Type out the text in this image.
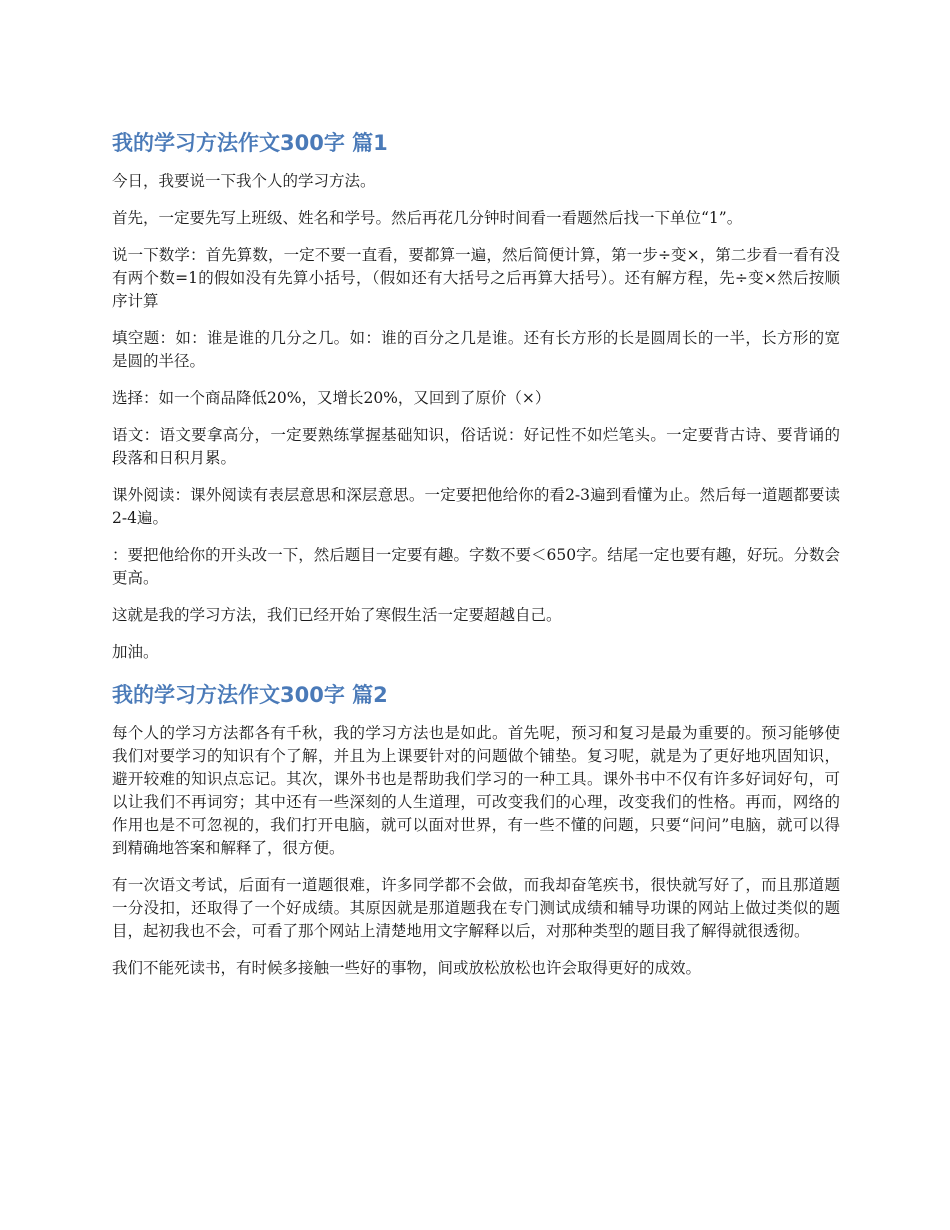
我的学习方法作文300字 篇1

今日，我要说一下我个人的学习方法。

首先，一定要先写上班级、姓名和学号。然后再花几分钟时间看一看题然后找一下单位“1”。

说一下数学：首先算数，一定不要一直看，要都算一遍，然后简便计算，第一步÷变×，第二步看一看有没有两个数=1的假如没有先算小括号，（假如还有大括号之后再算大括号）。还有解方程，先÷变×然后按顺序计算

填空题：如：谁是谁的几分之几。如：谁的百分之几是谁。还有长方形的长是圆周长的一半，长方形的宽是圆的半径。

选择：如一个商品降低20%，又增长20%，又回到了原价（×）

语文：语文要拿高分，一定要熟练掌握基础知识，俗话说：好记性不如烂笔头。一定要背古诗、要背诵的段落和日积月累。

课外阅读：课外阅读有表层意思和深层意思。一定要把他给你的看2-3遍到看懂为止。然后每一道题都要读2-4遍。

：要把他给你的开头改一下，然后题目一定要有趣。字数不要＜650字。结尾一定也要有趣，好玩。分数会更高。

这就是我的学习方法，我们已经开始了寒假生活一定要超越自己。

加油。

我的学习方法作文300字 篇2

每个人的学习方法都各有千秋，我的学习方法也是如此。首先呢，预习和复习是最为重要的。预习能够使我们对要学习的知识有个了解，并且为上课要针对的问题做个铺垫。复习呢，就是为了更好地巩固知识，避开较难的知识点忘记。其次，课外书也是帮助我们学习的一种工具。课外书中不仅有许多好词好句，可以让我们不再词穷；其中还有一些深刻的人生道理，可改变我们的心理，改变我们的性格。再而，网络的作用也是不可忽视的，我们打开电脑，就可以面对世界，有一些不懂的问题，只要“问问”电脑，就可以得到精确地答案和解释了，很方便。

有一次语文考试，后面有一道题很难，许多同学都不会做，而我却奋笔疾书，很快就写好了，而且那道题一分没扣，还取得了一个好成绩。其原因就是那道题我在专门测试成绩和辅导功课的网站上做过类似的题目，起初我也不会，可看了那个网站上清楚地用文字解释以后，对那种类型的题目我了解得就很透彻。

我们不能死读书，有时候多接触一些好的事物，间或放松放松也许会取得更好的成效。
